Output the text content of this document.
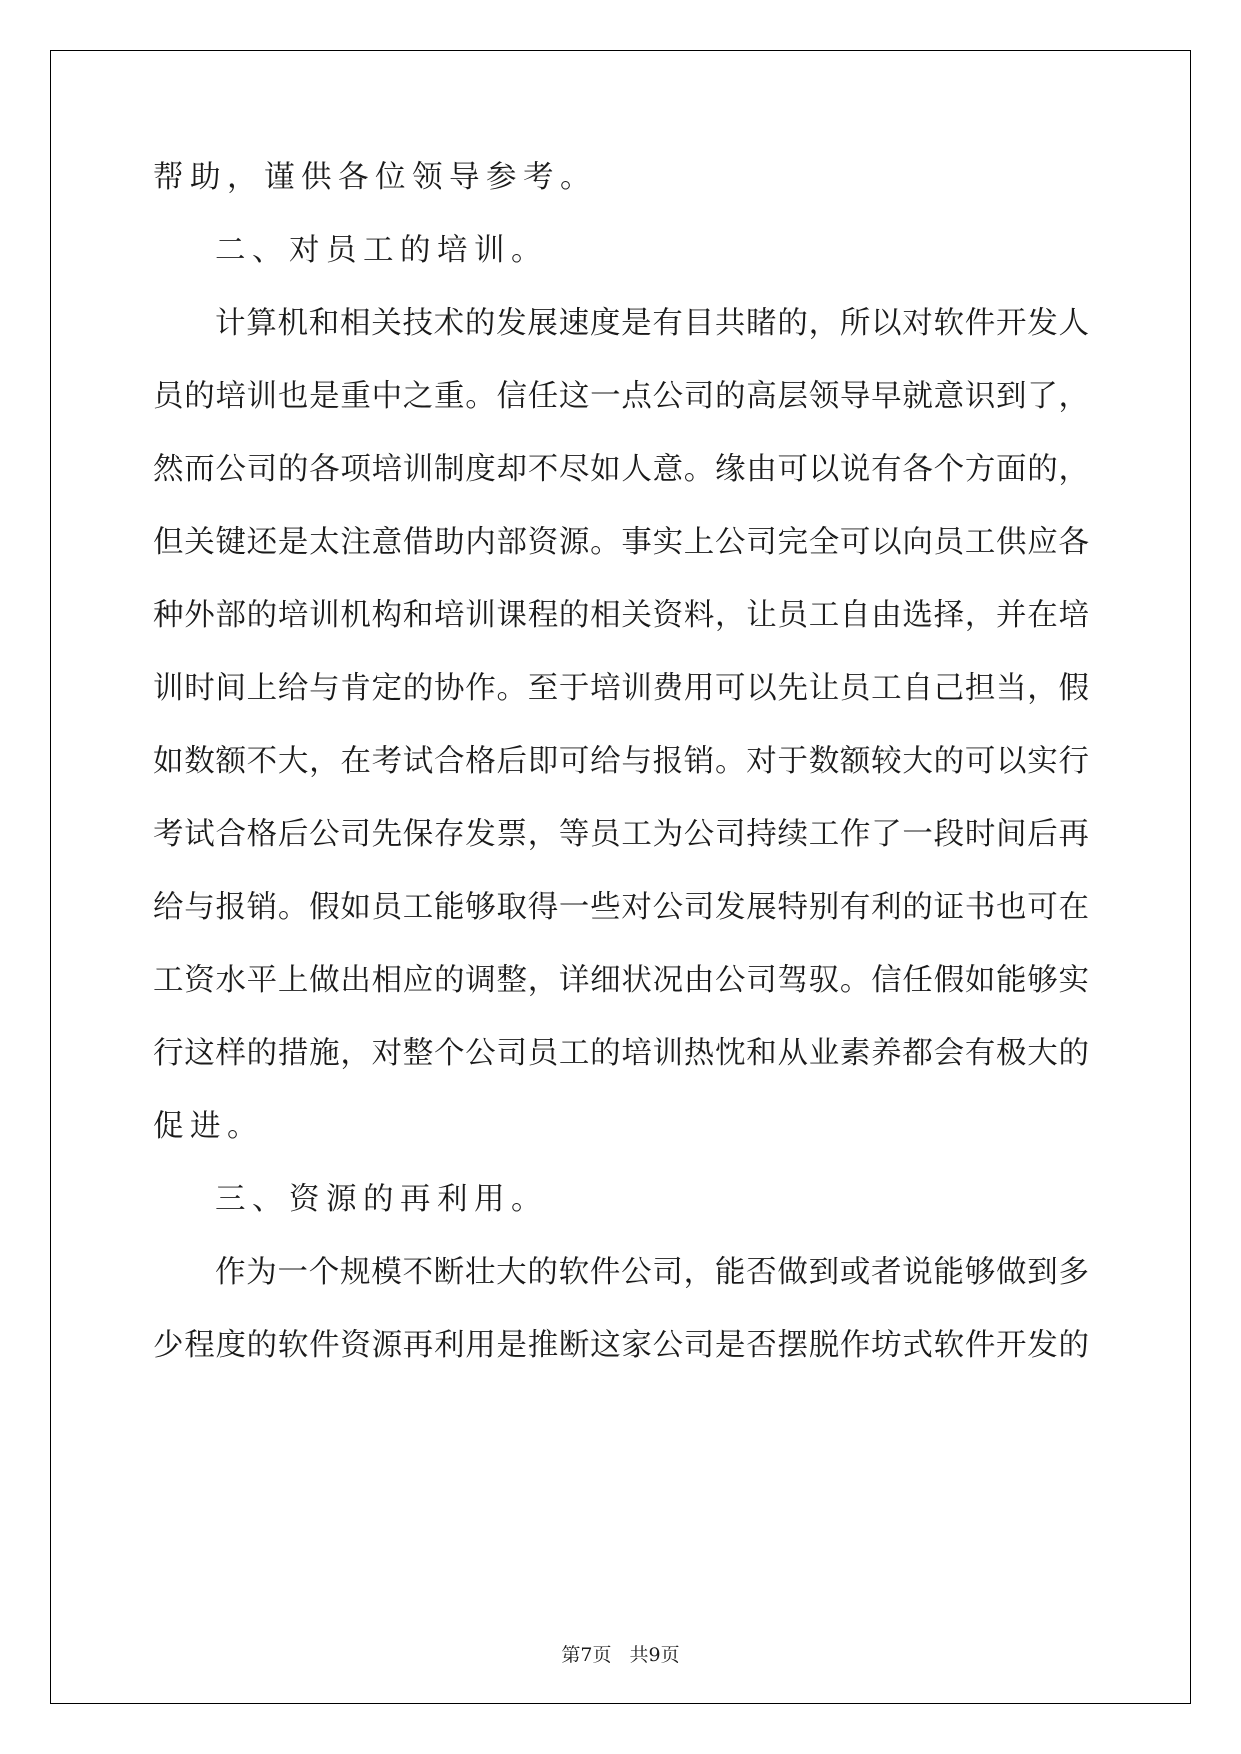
帮助，谨供各位领导参考。
二、对员工的培训。
计算机和相关技术的发展速度是有目共睹的，所以对软件开发人
员的培训也是重中之重。信任这一点公司的高层领导早就意识到了，
然而公司的各项培训制度却不尽如人意。缘由可以说有各个方面的，
但关键还是太注意借助内部资源。事实上公司完全可以向员工供应各
种外部的培训机构和培训课程的相关资料，让员工自由选择，并在培
训时间上给与肯定的协作。至于培训费用可以先让员工自己担当，假
如数额不大，在考试合格后即可给与报销。对于数额较大的可以实行
考试合格后公司先保存发票，等员工为公司持续工作了一段时间后再
给与报销。假如员工能够取得一些对公司发展特别有利的证书也可在
工资水平上做出相应的调整，详细状况由公司驾驭。信任假如能够实
行这样的措施，对整个公司员工的培训热忱和从业素养都会有极大的
促进。
三、资源的再利用。
作为一个规模不断壮大的软件公司，能否做到或者说能够做到多
少程度的软件资源再利用是推断这家公司是否摆脱作坊式软件开发的
第7页 共9页
